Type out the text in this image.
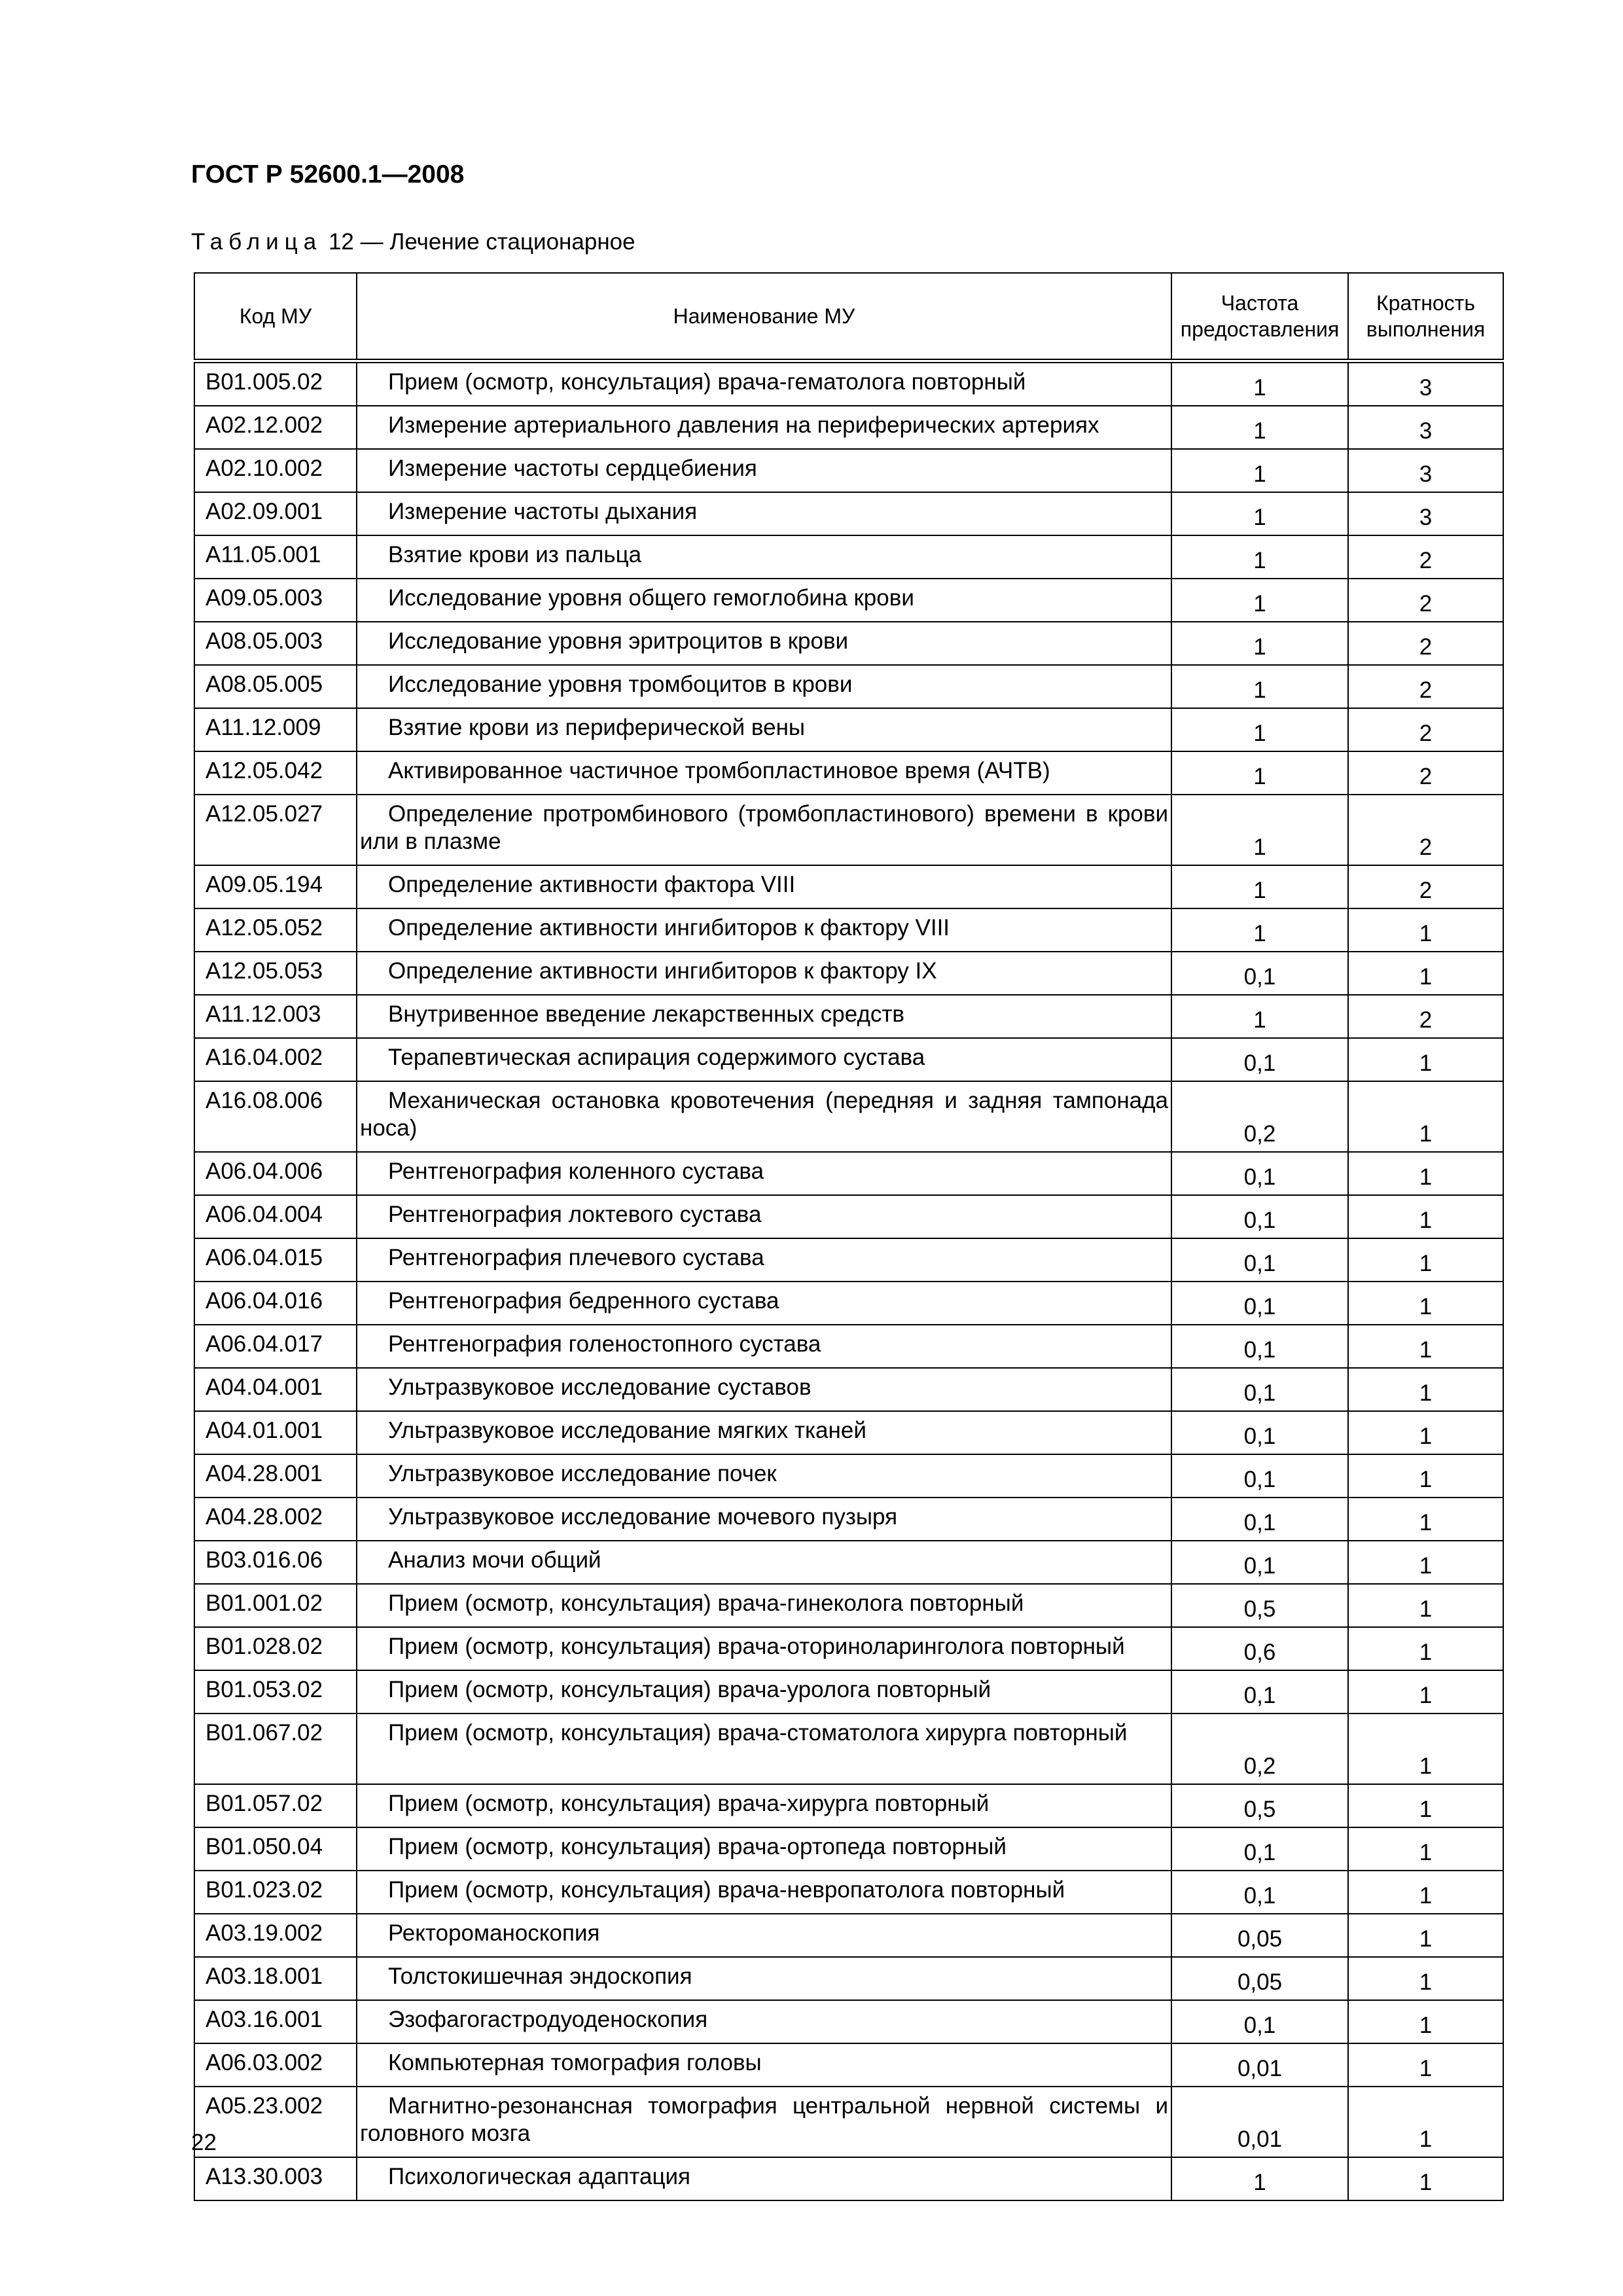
ГОСТ Р 52600.1—2008

Таблица 12 — Лечение стационарное

Код МУ	Наименование МУ	Частота предоставления	Кратность выполнения
B01.005.02	Прием (осмотр, консультация) врача-гематолога повторный	1	3
A02.12.002	Измерение артериального давления на периферических артериях	1	3
A02.10.002	Измерение частоты сердцебиения	1	3
A02.09.001	Измерение частоты дыхания	1	3
A11.05.001	Взятие крови из пальца	1	2
A09.05.003	Исследование уровня общего гемоглобина крови	1	2
A08.05.003	Исследование уровня эритроцитов в крови	1	2
A08.05.005	Исследование уровня тромбоцитов в крови	1	2
A11.12.009	Взятие крови из периферической вены	1	2
A12.05.042	Активированное частичное тромбопластиновое время (АЧТВ)	1	2
A12.05.027	Определение протромбинового (тромбопластинового) времени в крови или в плазме	1	2
A09.05.194	Определение активности фактора VIII	1	2
A12.05.052	Определение активности ингибиторов к фактору VIII	1	1
A12.05.053	Определение активности ингибиторов к фактору IX	0,1	1
A11.12.003	Внутривенное введение лекарственных средств	1	2
A16.04.002	Терапевтическая аспирация содержимого сустава	0,1	1
A16.08.006	Механическая остановка кровотечения (передняя и задняя тампонада носа)	0,2	1
A06.04.006	Рентгенография коленного сустава	0,1	1
A06.04.004	Рентгенография локтевого сустава	0,1	1
A06.04.015	Рентгенография плечевого сустава	0,1	1
A06.04.016	Рентгенография бедренного сустава	0,1	1
A06.04.017	Рентгенография голеностопного сустава	0,1	1
A04.04.001	Ультразвуковое исследование суставов	0,1	1
A04.01.001	Ультразвуковое исследование мягких тканей	0,1	1
A04.28.001	Ультразвуковое исследование почек	0,1	1
A04.28.002	Ультразвуковое исследование мочевого пузыря	0,1	1
B03.016.06	Анализ мочи общий	0,1	1
B01.001.02	Прием (осмотр, консультация) врача-гинеколога повторный	0,5	1
B01.028.02	Прием (осмотр, консультация) врача-оториноларинголога повторный	0,6	1
B01.053.02	Прием (осмотр, консультация) врача-уролога повторный	0,1	1
B01.067.02	Прием (осмотр, консультация) врача-стоматолога хирурга повторный	0,2	1
B01.057.02	Прием (осмотр, консультация) врача-хирурга повторный	0,5	1
B01.050.04	Прием (осмотр, консультация) врача-ортопеда повторный	0,1	1
B01.023.02	Прием (осмотр, консультация) врача-невропатолога повторный	0,1	1
A03.19.002	Ректороманоскопия	0,05	1
A03.18.001	Толстокишечная эндоскопия	0,05	1
A03.16.001	Эзофагогастродуоденоскопия	0,1	1
A06.03.002	Компьютерная томография головы	0,01	1
A05.23.002	Магнитно-резонансная томография центральной нервной системы и головного мозга	0,01	1
A13.30.003	Психологическая адаптация	1	1

22
